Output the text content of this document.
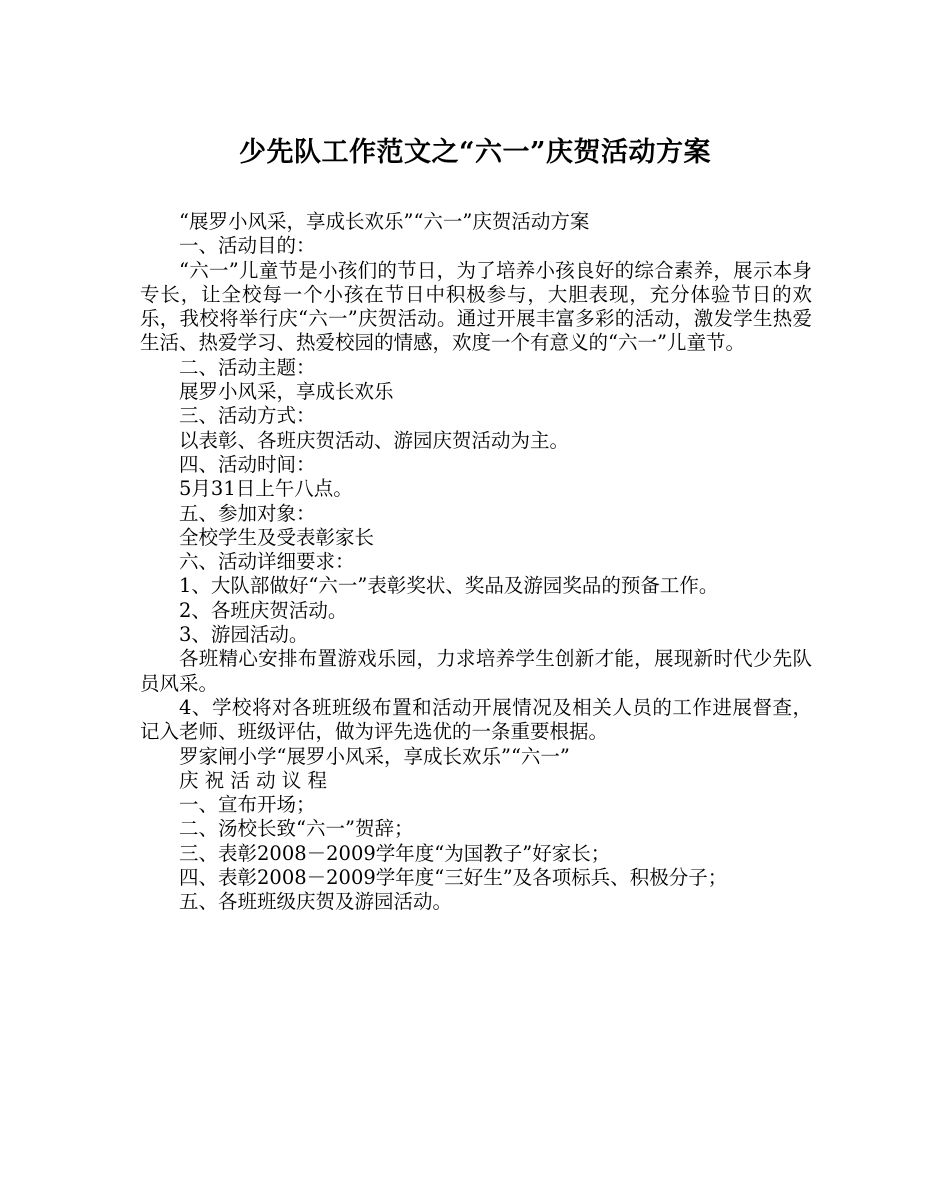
少先队工作范文之“六一”庆贺活动方案

“展罗小风采，享成长欢乐”“六一”庆贺活动方案

一、活动目的：

“六一”儿童节是小孩们的节日，为了培养小孩良好的综合素养，展示本身专长，让全校每一个小孩在节日中积极参与，大胆表现，充分体验节日的欢乐，我校将举行庆“六一”庆贺活动。通过开展丰富多彩的活动，激发学生热爱生活、热爱学习、热爱校园的情感，欢度一个有意义的“六一”儿童节。

二、活动主题：

展罗小风采，享成长欢乐

三、活动方式：

以表彰、各班庆贺活动、游园庆贺活动为主。

四、活动时间：

5月31日上午八点。

五、参加对象：

全校学生及受表彰家长

六、活动详细要求：

1、大队部做好“六一”表彰奖状、奖品及游园奖品的预备工作。

2、各班庆贺活动。

3、游园活动。

各班精心安排布置游戏乐园，力求培养学生创新才能，展现新时代少先队员风采。

4、学校将对各班班级布置和活动开展情况及相关人员的工作进展督查，记入老师、班级评估，做为评先选优的一条重要根据。

罗家闸小学“展罗小风采，享成长欢乐”“六一”

庆 祝 活 动 议 程

一、宣布开场；

二、汤校长致“六一”贺辞；

三、表彰2008－2009学年度“为国教子”好家长；

四、表彰2008－2009学年度“三好生”及各项标兵、积极分子；

五、各班班级庆贺及游园活动。
